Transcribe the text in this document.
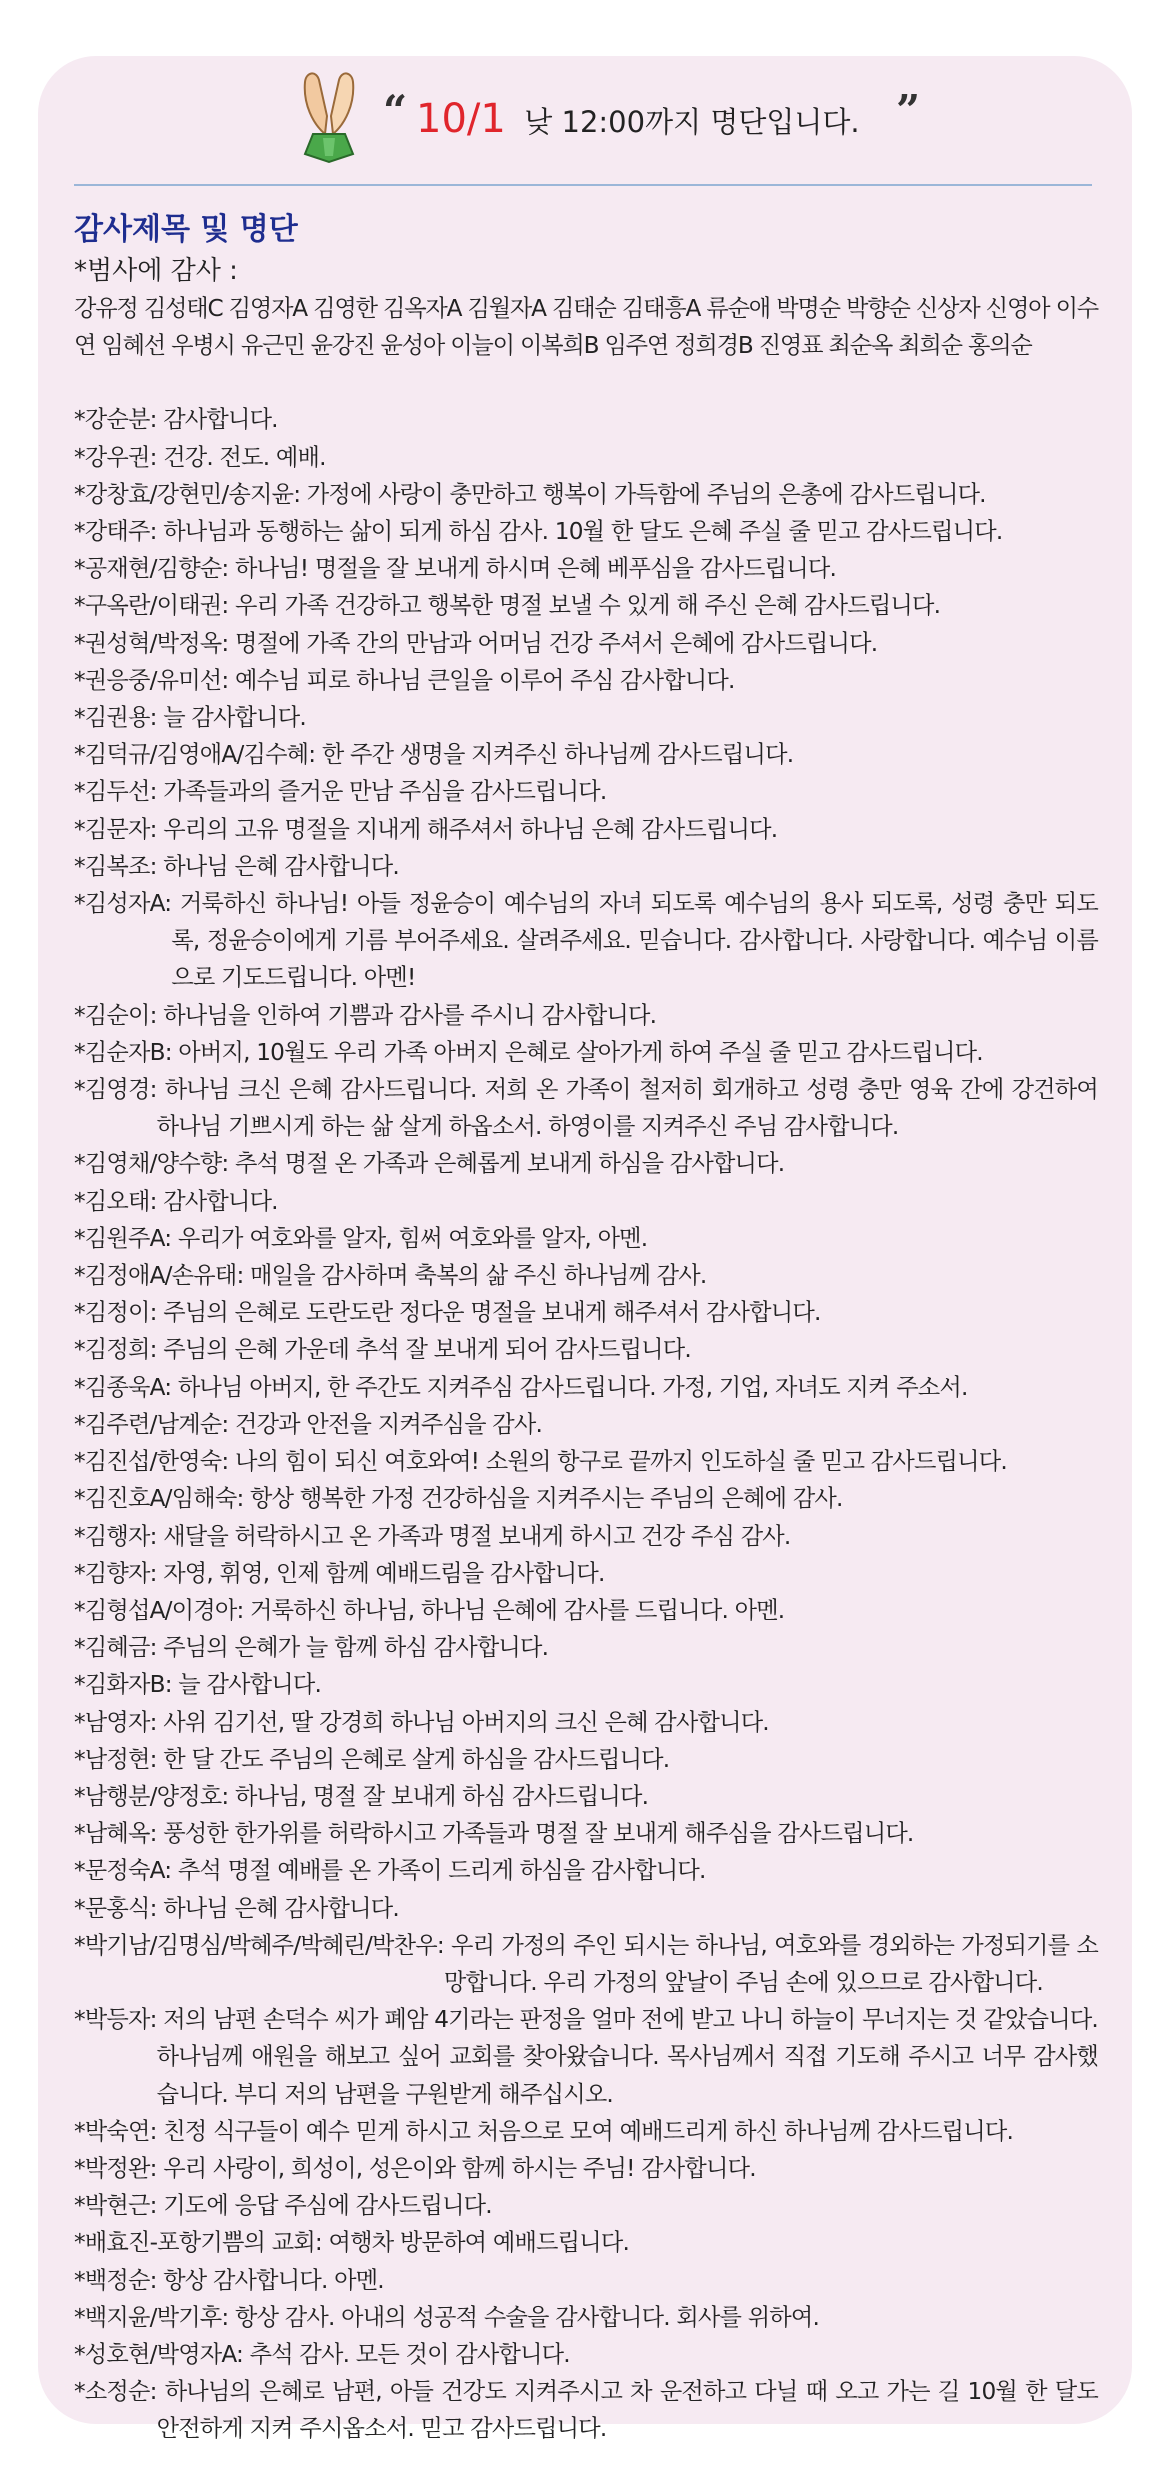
“ 10/1 낮 12:00까지 명단입니다. ”
감사제목 및 명단
*범사에 감사 :
강유정 김성태C 김영자A 김영한 김옥자A 김월자A 김태순 김태흥A 류순애 박명순 박향순 신상자 신영아 이수연 임혜선 우병시 유근민 윤강진 윤성아 이늘이 이복희B 임주연 정희경B 진영표 최순옥 최희순 홍의순
*강순분: 감사합니다.
*강우권: 건강. 전도. 예배.
*강창효/강현민/송지윤: 가정에 사랑이 충만하고 행복이 가득함에 주님의 은총에 감사드립니다.
*강태주: 하나님과 동행하는 삶이 되게 하심 감사. 10월 한 달도 은혜 주실 줄 믿고 감사드립니다.
*공재현/김향순: 하나님! 명절을 잘 보내게 하시며 은혜 베푸심을 감사드립니다.
*구옥란/이태권: 우리 가족 건강하고 행복한 명절 보낼 수 있게 해 주신 은혜 감사드립니다.
*권성혁/박정옥: 명절에 가족 간의 만남과 어머님 건강 주셔서 은혜에 감사드립니다.
*권응중/유미선: 예수님 피로 하나님 큰일을 이루어 주심 감사합니다.
*김권용: 늘 감사합니다.
*김덕규/김영애A/김수혜: 한 주간 생명을 지켜주신 하나님께 감사드립니다.
*김두선: 가족들과의 즐거운 만남 주심을 감사드립니다.
*김문자: 우리의 고유 명절을 지내게 해주셔서 하나님 은혜 감사드립니다.
*김복조: 하나님 은혜 감사합니다.
*김성자A: 거룩하신 하나님! 아들 정윤승이 예수님의 자녀 되도록 예수님의 용사 되도록, 성령 충만 되도록, 정윤승이에게 기름 부어주세요. 살려주세요. 믿습니다. 감사합니다. 사랑합니다. 예수님 이름으로 기도드립니다. 아멘!
*김순이: 하나님을 인하여 기쁨과 감사를 주시니 감사합니다.
*김순자B: 아버지, 10월도 우리 가족 아버지 은혜로 살아가게 하여 주실 줄 믿고 감사드립니다.
*김영경: 하나님 크신 은혜 감사드립니다. 저희 온 가족이 철저히 회개하고 성령 충만 영육 간에 강건하여 하나님 기쁘시게 하는 삶 살게 하옵소서. 하영이를 지켜주신 주님 감사합니다.
*김영채/양수향: 추석 명절 온 가족과 은혜롭게 보내게 하심을 감사합니다.
*김오태: 감사합니다.
*김원주A: 우리가 여호와를 알자, 힘써 여호와를 알자, 아멘.
*김정애A/손유태: 매일을 감사하며 축복의 삶 주신 하나님께 감사.
*김정이: 주님의 은혜로 도란도란 정다운 명절을 보내게 해주셔서 감사합니다.
*김정희: 주님의 은혜 가운데 추석 잘 보내게 되어 감사드립니다.
*김종욱A: 하나님 아버지, 한 주간도 지켜주심 감사드립니다. 가정, 기업, 자녀도 지켜 주소서.
*김주련/남계순: 건강과 안전을 지켜주심을 감사.
*김진섭/한영숙: 나의 힘이 되신 여호와여! 소원의 항구로 끝까지 인도하실 줄 믿고 감사드립니다.
*김진호A/임해숙: 항상 행복한 가정 건강하심을 지켜주시는 주님의 은혜에 감사.
*김행자: 새달을 허락하시고 온 가족과 명절 보내게 하시고 건강 주심 감사.
*김향자: 자영, 휘영, 인제 함께 예배드림을 감사합니다.
*김형섭A/이경아: 거룩하신 하나님, 하나님 은혜에 감사를 드립니다. 아멘.
*김혜금: 주님의 은혜가 늘 함께 하심 감사합니다.
*김화자B: 늘 감사합니다.
*남영자: 사위 김기선, 딸 강경희 하나님 아버지의 크신 은혜 감사합니다.
*남정현: 한 달 간도 주님의 은혜로 살게 하심을 감사드립니다.
*남행분/양정호: 하나님, 명절 잘 보내게 하심 감사드립니다.
*남혜옥: 풍성한 한가위를 허락하시고 가족들과 명절 잘 보내게 해주심을 감사드립니다.
*문정숙A: 추석 명절 예배를 온 가족이 드리게 하심을 감사합니다.
*문홍식: 하나님 은혜 감사합니다.
*박기남/김명심/박혜주/박혜린/박찬우: 우리 가정의 주인 되시는 하나님, 여호와를 경외하는 가정되기를 소망합니다. 우리 가정의 앞날이 주님 손에 있으므로 감사합니다.
*박등자: 저의 남편 손덕수 씨가 폐암 4기라는 판정을 얼마 전에 받고 나니 하늘이 무너지는 것 같았습니다. 하나님께 애원을 해보고 싶어 교회를 찾아왔습니다. 목사님께서 직접 기도해 주시고 너무 감사했습니다. 부디 저의 남편을 구원받게 해주십시오.
*박숙연: 친정 식구들이 예수 믿게 하시고 처음으로 모여 예배드리게 하신 하나님께 감사드립니다.
*박정완: 우리 사랑이, 희성이, 성은이와 함께 하시는 주님! 감사합니다.
*박현근: 기도에 응답 주심에 감사드립니다.
*배효진-포항기쁨의 교회: 여행차 방문하여 예배드립니다.
*백정순: 항상 감사합니다. 아멘.
*백지윤/박기후: 항상 감사. 아내의 성공적 수술을 감사합니다. 회사를 위하여.
*성호현/박영자A: 추석 감사. 모든 것이 감사합니다.
*소정순: 하나님의 은혜로 남편, 아들 건강도 지켜주시고 차 운전하고 다닐 때 오고 가는 길 10월 한 달도 안전하게 지켜 주시옵소서. 믿고 감사드립니다.
